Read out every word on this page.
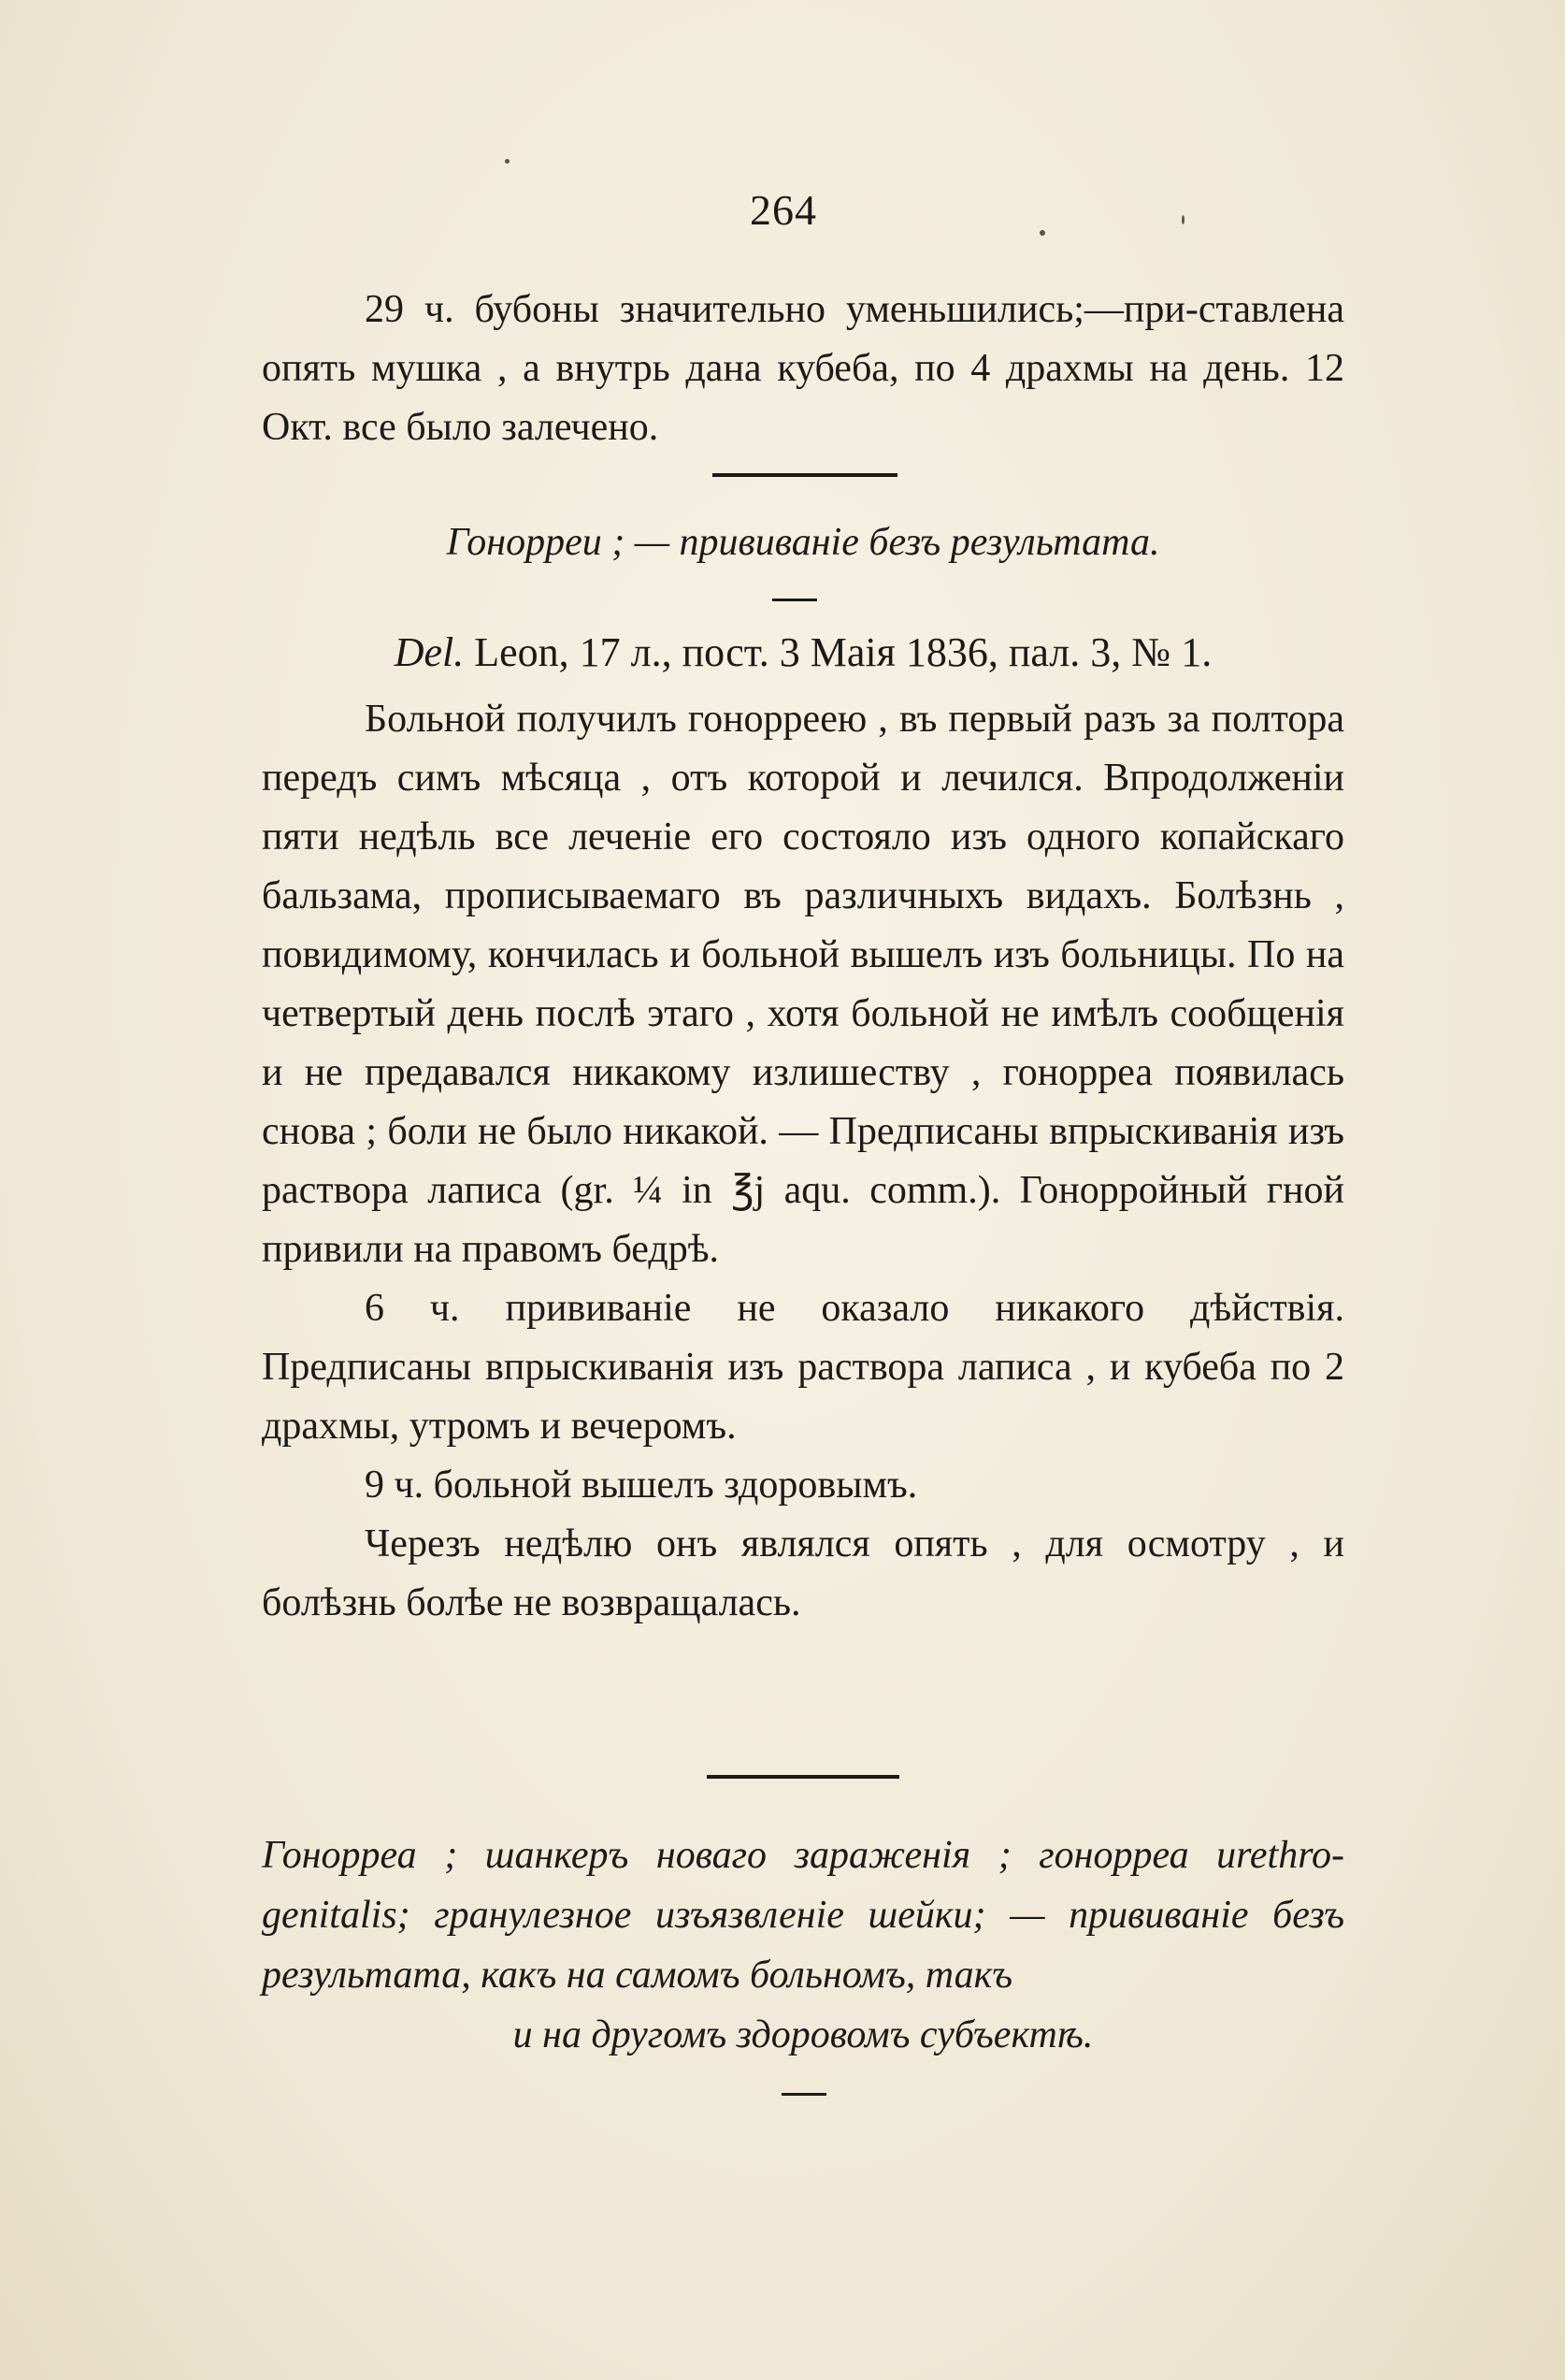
264

29 ч. бубоны значительно уменьшились;—при-ставлена опять мушка , а внутрь дана кубеба, по 4 драхмы на день. 12 Окт. все было залечено.

Гонорреи ; — прививаніе безъ результата.
Del. Leon, 17 л., пост. 3 Маія 1836, пал. 3, № 1.

Больной получилъ гонорреею , въ первый разъ за полтора передъ симъ мѣсяца , отъ которой и лечился. Впродолженіи пяти недѣль все леченіе его состояло изъ одного копайскаго бальзама, прописываемаго въ различныхъ видахъ. Болѣзнь , повидимому, кончилась и больной вышелъ изъ больницы. По на четвертый день послѣ этаго , хотя больной не имѣлъ сообщенія и не предавался никакому излишеству , гонорреа появилась снова ; боли не было никакой. — Предписаны впрыскиванія изъ раствора лаписа (gr. ¼ in ℥j aqu. comm.). Гонорройный гной привили на правомъ бедрѣ.

6 ч. прививаніе не оказало никакого дѣйствія. Предписаны впрыскиванія изъ раствора лаписа , и кубеба по 2 драхмы, утромъ и вечеромъ.

9 ч. больной вышелъ здоровымъ.

Черезъ недѣлю онъ являлся опять , для осмотру , и болѣзнь болѣе не возвращалась.

Гонорреа ; шанкеръ новаго зараженія ; гонорреа urethro-genitalis; гранулезное изъязвленіе шейки; — прививаніе безъ результата, какъ на самомъ больномъ, такъ
и на другомъ здоровомъ субъектѣ.
